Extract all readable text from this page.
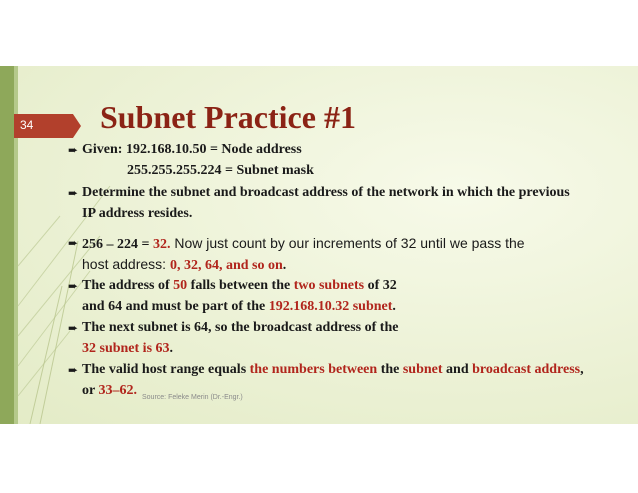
34 Subnet Practice #1
➨ Given: 192.168.10.50 = Node address
255.255.255.224 = Subnet mask
➨ Determine the subnet and broadcast address of the network in which the previous
IP address resides.
➨ 256 – 224 = 32. Now just count by our increments of 32 until we pass the
host address: 0, 32, 64, and so on.
➨ The address of 50 falls between the two subnets of 32
and 64 and must be part of the 192.168.10.32 subnet.
➨ The next subnet is 64, so the broadcast address of the
32 subnet is 63.
➨ The valid host range equals the numbers between the subnet and broadcast address,
or 33–62. Source: Feleke Merin (Dr.-Engr.)
